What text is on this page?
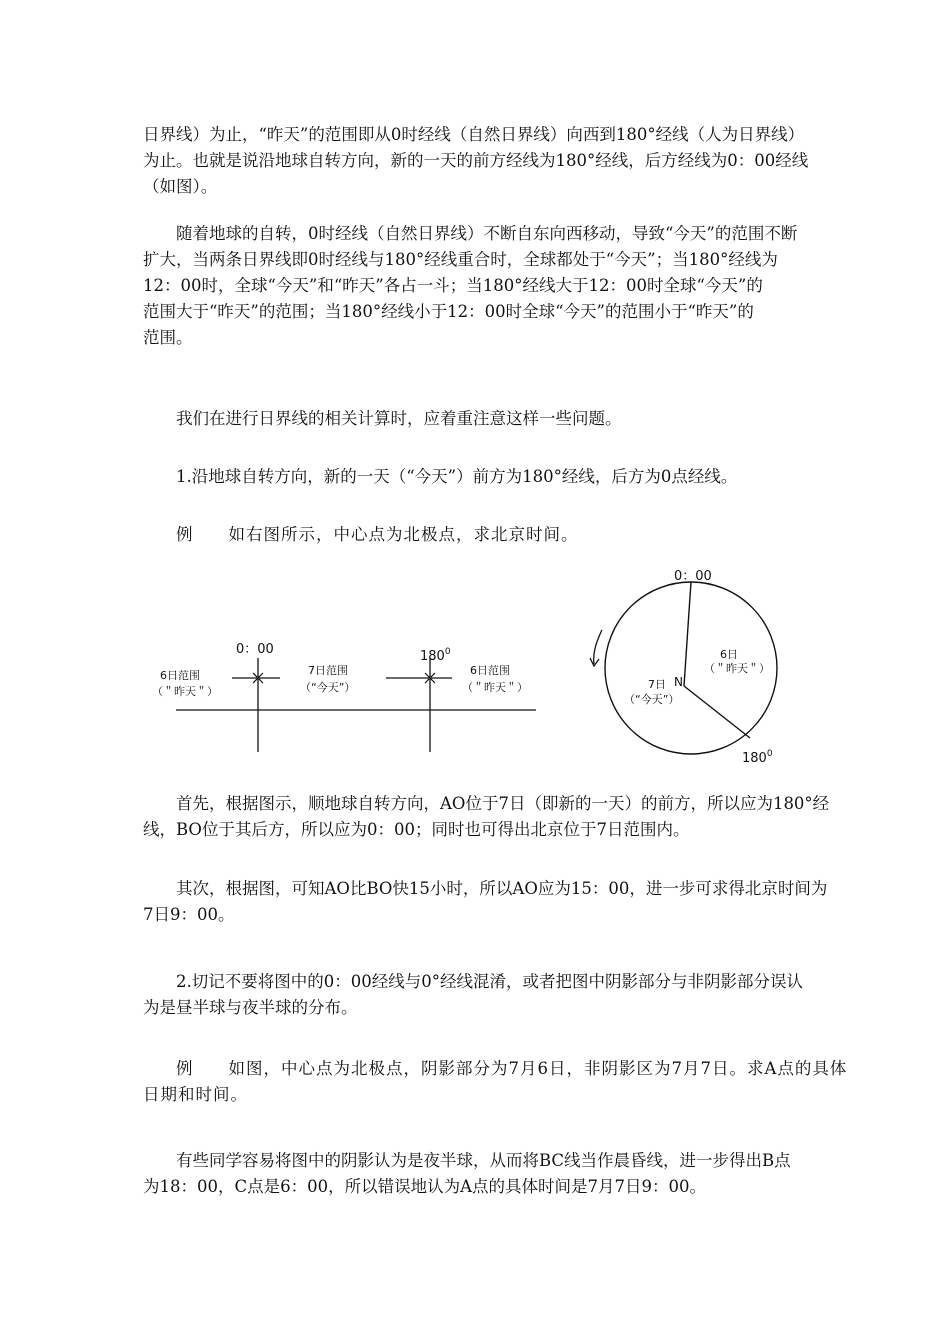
日界线）为止，“昨天”的范围即从0时经线（自然日界线）向西到180°经线（人为日界线）
为止。也就是说沿地球自转方向，新的一天的前方经线为180°经线，后方经线为0：00经线
（如图）。
随着地球的自转，0时经线（自然日界线）不断自东向西移动，导致“今天”的范围不断
扩大，当两条日界线即0时经线与180°经线重合时，全球都处于“今天”；当180°经线为
12：00时，全球“今天”和“昨天”各占一斗；当180°经线大于12：00时全球“今天”的
范围大于“昨天”的范围；当180°经线小于12：00时全球“今天”的范围小于“昨天”的
范围。
我们在进行日界线的相关计算时，应着重注意这样一些问题。
1.沿地球自转方向，新的一天（“今天”）前方为180°经线，后方为0点经线。
例　　如右图所示，中心点为北极点，求北京时间。
0：00	$180^0$
6日范围
（＂昨天＂）
7日范围
（“今天”）
6日范围
（＂昨天＂）
0：00
N
6日
（＂昨天＂）
7日
（“今天”）
$180^0$
首先，根据图示，顺地球自转方向，AO位于7日（即新的一天）的前方，所以应为180°经
线，BO位于其后方，所以应为0：00；同时也可得出北京位于7日范围内。
其次，根据图，可知AO比BO快15小时，所以AO应为15：00，进一步可求得北京时间为
7日9：00。
2.切记不要将图中的0：00经线与0°经线混淆，或者把图中阴影部分与非阴影部分误认
为是昼半球与夜半球的分布。
例　　如图，中心点为北极点，阴影部分为7月6日，非阴影区为7月7日。求A点的具体
日期和时间。
有些同学容易将图中的阴影认为是夜半球，从而将BC线当作晨昏线，进一步得出B点
为18：00，C点是6：00，所以错误地认为A点的具体时间是7月7日9：00。
